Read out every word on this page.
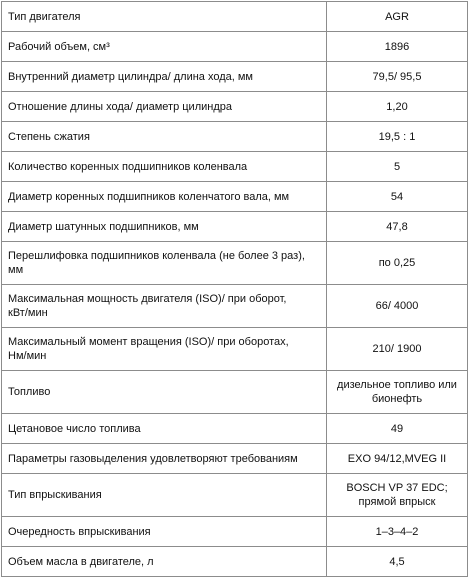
Тип двигателя	AGR
Рабочий объем, см³	1896
Внутренний диаметр цилиндра/ длина хода, мм	79,5/ 95,5
Отношение длины хода/ диаметр цилиндра	1,20
Степень сжатия	19,5 : 1
Количество коренных подшипников коленвала	5
Диаметр коренных подшипников коленчатого вала, мм	54
Диаметр шатунных подшипников, мм	47,8
Перешлифовка подшипников коленвала (не более 3 раз),
мм	по 0,25
Максимальная мощность двигателя (ISO)/ при оборот,
кВт/мин	66/ 4000
Максимальный момент вращения (ISO)/ при оборотах,
Нм/мин	210/ 1900
Топливо	дизельное топливо или
бионефть
Цетановое число топлива	49
Параметры газовыделения удовлетворяют требованиям	EXO 94/12,MVEG II
Тип впрыскивания	BOSCH VP 37 EDC;
прямой впрыск
Очередность впрыскивания	1–3–4–2
Объем масла в двигателе, л	4,5
